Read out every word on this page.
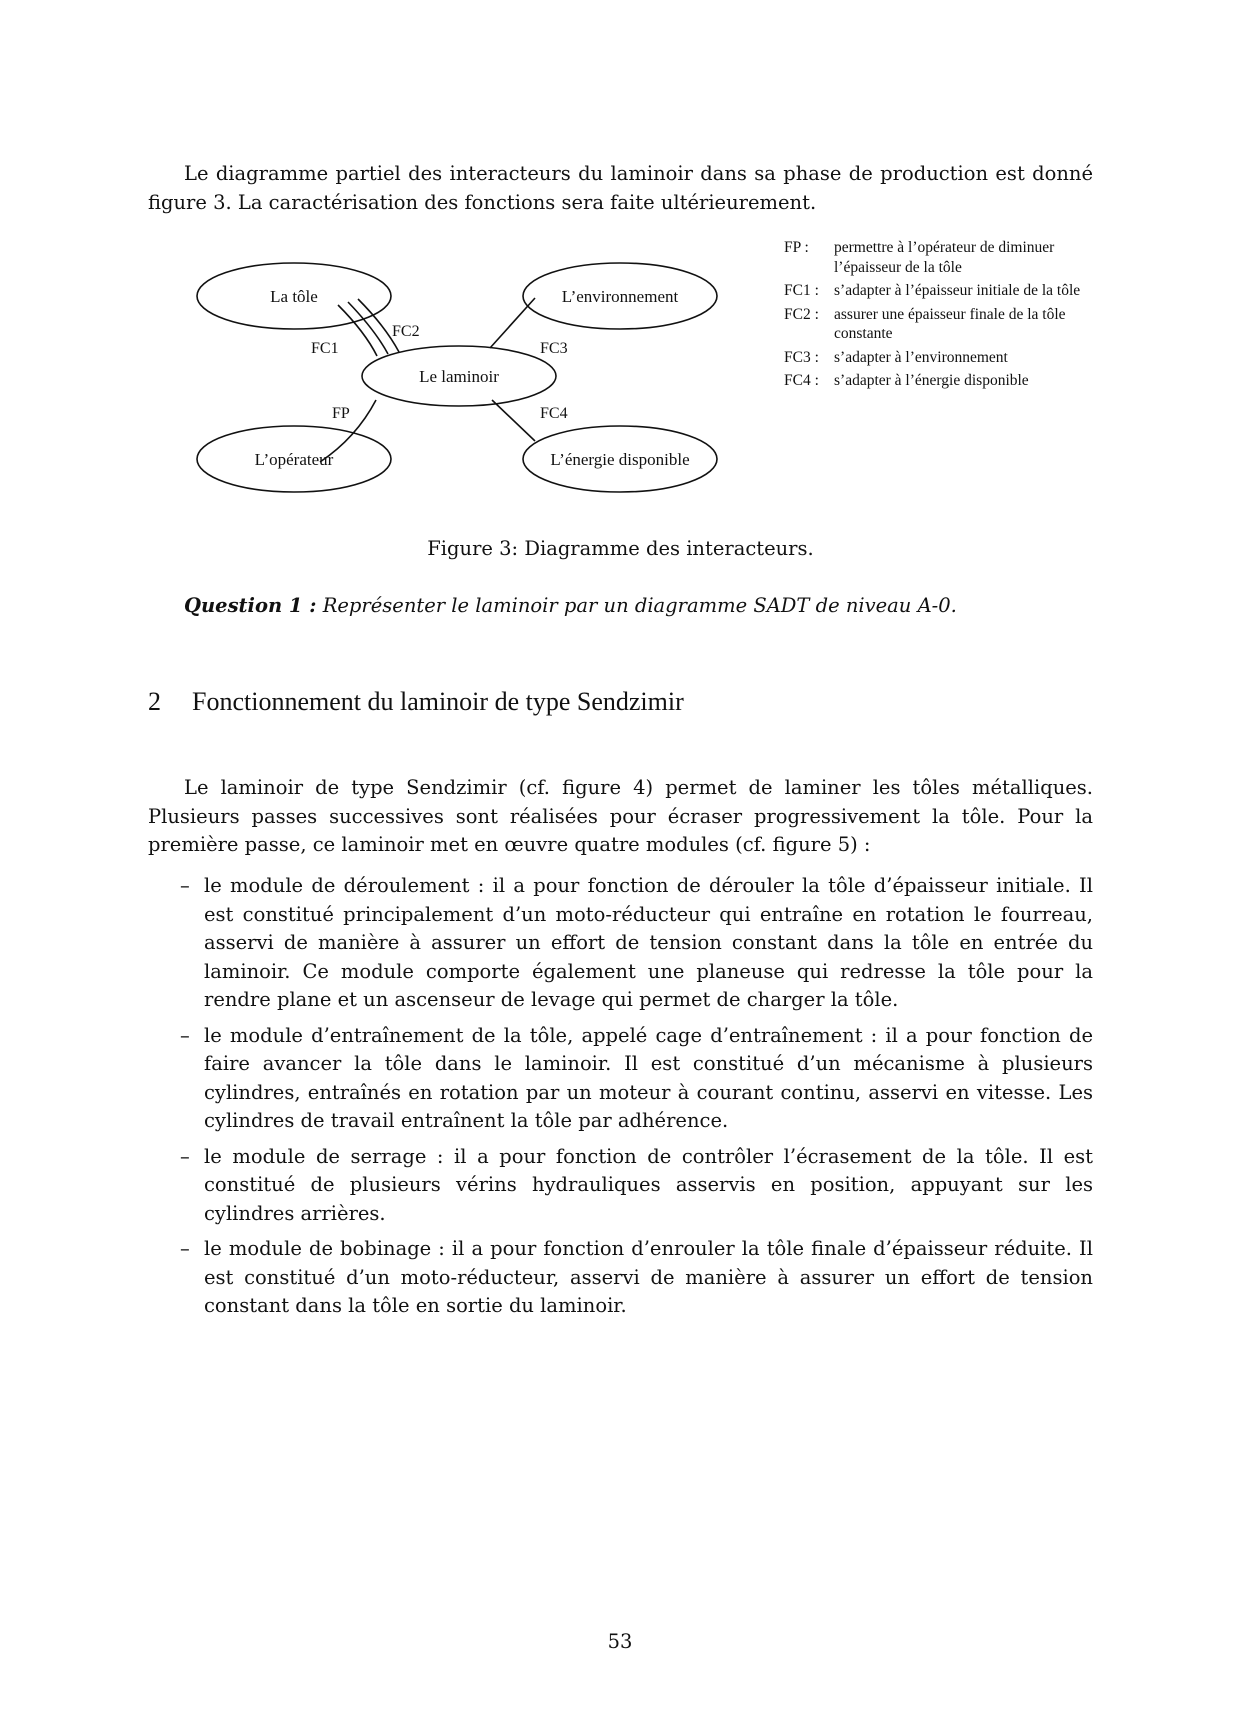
Le diagramme partiel des interacteurs du laminoir dans sa phase de production est donné figure 3. La caractérisation des fonctions sera faite ultérieurement.

La tôle	L’environnement
Le laminoir
L’opérateur	L’énergie disponible
FC1
FC2
FC3
FC4
FP
FP :	permettre à l’opérateur de diminuer l’épaisseur de la tôle
FC1 : s’adapter à l’épaisseur initiale de la tôle
FC2 : assurer une épaisseur finale de la tôle constante
FC3 : s’adapter à l’environnement
FC4 : s’adapter à l’énergie disponible
Figure 3: Diagramme des interacteurs.
Question 1 : Représenter le laminoir par un diagramme SADT de niveau A-0.
2 Fonctionnement du laminoir de type Sendzimir

Le laminoir de type Sendzimir (cf. figure 4) permet de laminer les tôles métalliques. Plusieurs passes successives sont réalisées pour écraser progressivement la tôle. Pour la première passe, ce laminoir met en œuvre quatre modules (cf. figure 5) :

– le module de déroulement : il a pour fonction de dérouler la tôle d’épaisseur initiale. Il est constitué principalement d’un moto-réducteur qui entraîne en rotation le fourreau, asservi de manière à assurer un effort de tension constant dans la tôle en entrée du laminoir. Ce module comporte également une planeuse qui redresse la tôle pour la rendre plane et un ascenseur de levage qui permet de charger la tôle.
– le module d’entraînement de la tôle, appelé cage d’entraînement : il a pour fonction de faire avancer la tôle dans le laminoir. Il est constitué d’un mécanisme à plusieurs cylindres, entraînés en rotation par un moteur à courant continu, asservi en vitesse. Les cylindres de travail entraînent la tôle par adhérence.
– le module de serrage : il a pour fonction de contrôler l’écrasement de la tôle. Il est constitué de plusieurs vérins hydrauliques asservis en position, appuyant sur les cylindres arrières.
– le module de bobinage : il a pour fonction d’enrouler la tôle finale d’épaisseur réduite. Il est constitué d’un moto-réducteur, asservi de manière à assurer un effort de tension constant dans la tôle en sortie du laminoir.
53
